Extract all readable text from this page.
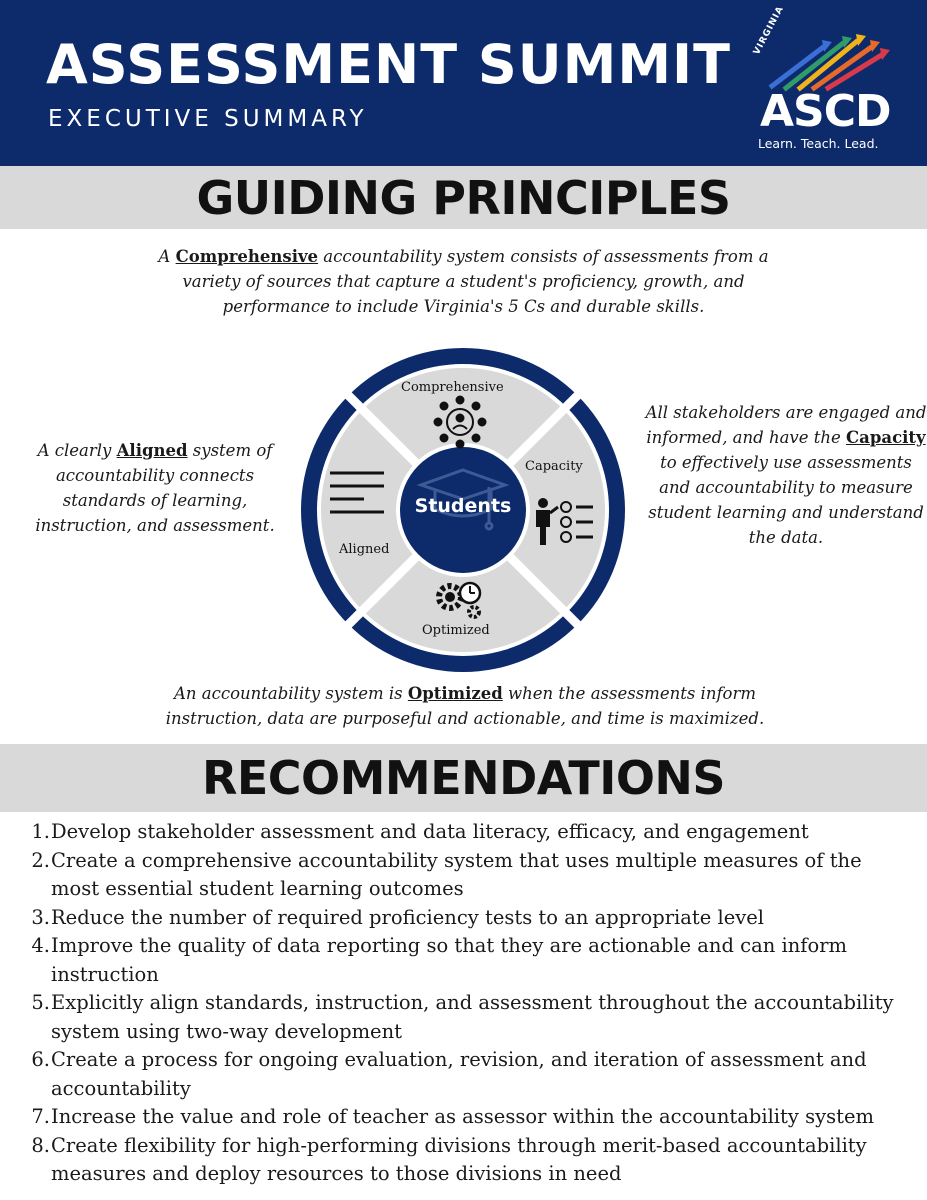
ASSESSMENT SUMMIT
EXECUTIVE SUMMARY
VIRGINIA
ASCD
Learn. Teach. Lead.
GUIDING PRINCIPLES
A Comprehensive accountability system consists of assessments from a variety of sources that capture a student's proficiency, growth, and performance to include Virginia's 5 Cs and durable skills.
A clearly Aligned system of accountability connects standards of learning, instruction, and assessment.
All stakeholders are engaged and informed, and have the Capacity to effectively use assessments and accountability to measure student learning and understand the data.
Comprehensive
Capacity
Aligned
Optimized
Students
An accountability system is Optimized when the assessments inform instruction, data are purposeful and actionable, and time is maximized.
RECOMMENDATIONS
1. Develop stakeholder assessment and data literacy, efficacy, and engagement
2. Create a comprehensive accountability system that uses multiple measures of the most essential student learning outcomes
3. Reduce the number of required proficiency tests to an appropriate level
4. Improve the quality of data reporting so that they are actionable and can inform instruction
5. Explicitly align standards, instruction, and assessment throughout the accountability system using two-way development
6. Create a process for ongoing evaluation, revision, and iteration of assessment and accountability
7. Increase the value and role of teacher as assessor within the accountability system
8. Create flexibility for high-performing divisions through merit-based accountability measures and deploy resources to those divisions in need
